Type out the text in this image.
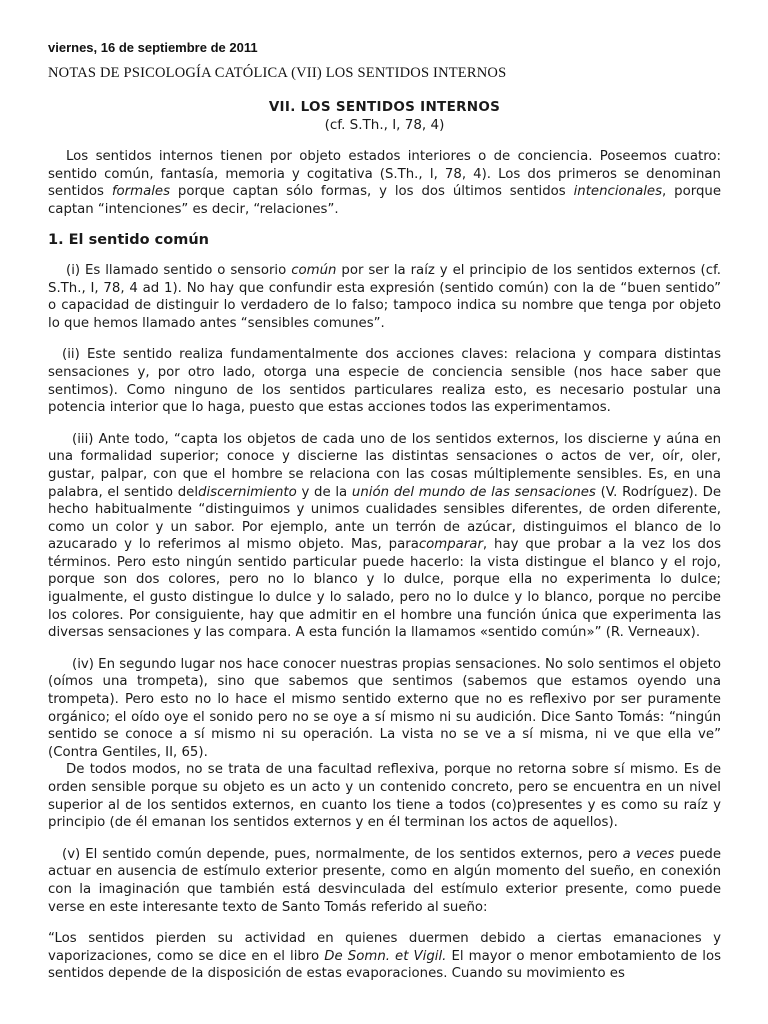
viernes, 16 de septiembre de 2011
NOTAS DE PSICOLOGÍA CATÓLICA (VII) LOS SENTIDOS INTERNOS
VII. LOS SENTIDOS INTERNOS
(cf. S.Th., I, 78, 4)

Los sentidos internos tienen por objeto estados interiores o de conciencia. Poseemos cuatro: sentido común, fantasía, memoria y cogitativa (S.Th., I, 78, 4). Los dos primeros se denominan sentidos formales porque captan sólo formas, y los dos últimos sentidos intencionales, porque captan “intenciones” es decir, “relaciones”.

1. El sentido común

(i) Es llamado sentido o sensorio común por ser la raíz y el principio de los sentidos externos (cf. S.Th., I, 78, 4 ad 1). No hay que confundir esta expresión (sentido común) con la de “buen sentido” o capacidad de distinguir lo verdadero de lo falso; tampoco indica su nombre que tenga por objeto lo que hemos llamado antes “sensibles comunes”.

(ii) Este sentido realiza fundamentalmente dos acciones claves: relaciona y compara distintas sensaciones y, por otro lado, otorga una especie de conciencia sensible (nos hace saber que sentimos). Como ninguno de los sentidos particulares realiza esto, es necesario postular una potencia interior que lo haga, puesto que estas acciones todos las experimentamos.

(iii) Ante todo, “capta los objetos de cada uno de los sentidos externos, los discierne y aúna en una formalidad superior; conoce y discierne las distintas sensaciones o actos de ver, oír, oler, gustar, palpar, con que el hombre se relaciona con las cosas múltiplemente sensibles. Es, en una palabra, el sentido deldiscernimiento y de la unión del mundo de las sensaciones (V. Rodríguez). De hecho habitualmente “distinguimos y unimos cualidades sensibles diferentes, de orden diferente, como un color y un sabor. Por ejemplo, ante un terrón de azúcar, distinguimos el blanco de lo azucarado y lo referimos al mismo objeto. Mas, paracomparar, hay que probar a la vez los dos términos. Pero esto ningún sentido particular puede hacerlo: la vista distingue el blanco y el rojo, porque son dos colores, pero no lo blanco y lo dulce, porque ella no experimenta lo dulce; igualmente, el gusto distingue lo dulce y lo salado, pero no lo dulce y lo blanco, porque no percibe los colores. Por consiguiente, hay que admitir en el hombre una función única que experimenta las diversas sensaciones y las compara. A esta función la llamamos «sentido común»” (R. Verneaux).

(iv) En segundo lugar nos hace conocer nuestras propias sensaciones. No solo sentimos el objeto (oímos una trompeta), sino que sabemos que sentimos (sabemos que estamos oyendo una trompeta). Pero esto no lo hace el mismo sentido externo que no es reflexivo por ser puramente orgánico; el oído oye el sonido pero no se oye a sí mismo ni su audición. Dice Santo Tomás: “ningún sentido se conoce a sí mismo ni su operación. La vista no se ve a sí misma, ni ve que ella ve” (Contra Gentiles, II, 65).

De todos modos, no se trata de una facultad reflexiva, porque no retorna sobre sí mismo. Es de orden sensible porque su objeto es un acto y un contenido concreto, pero se encuentra en un nivel superior al de los sentidos externos, en cuanto los tiene a todos (co)presentes y es como su raíz y principio (de él emanan los sentidos externos y en él terminan los actos de aquellos).

(v) El sentido común depende, pues, normalmente, de los sentidos externos, pero a veces puede actuar en ausencia de estímulo exterior presente, como en algún momento del sueño, en conexión con la imaginación que también está desvinculada del estímulo exterior presente, como puede verse en este interesante texto de Santo Tomás referido al sueño:

“Los sentidos pierden su actividad en quienes duermen debido a ciertas emanaciones y vaporizaciones, como se dice en el libro De Somn. et Vigil. El mayor o menor embotamiento de los sentidos depende de la disposición de estas evaporaciones. Cuando su movimiento es
